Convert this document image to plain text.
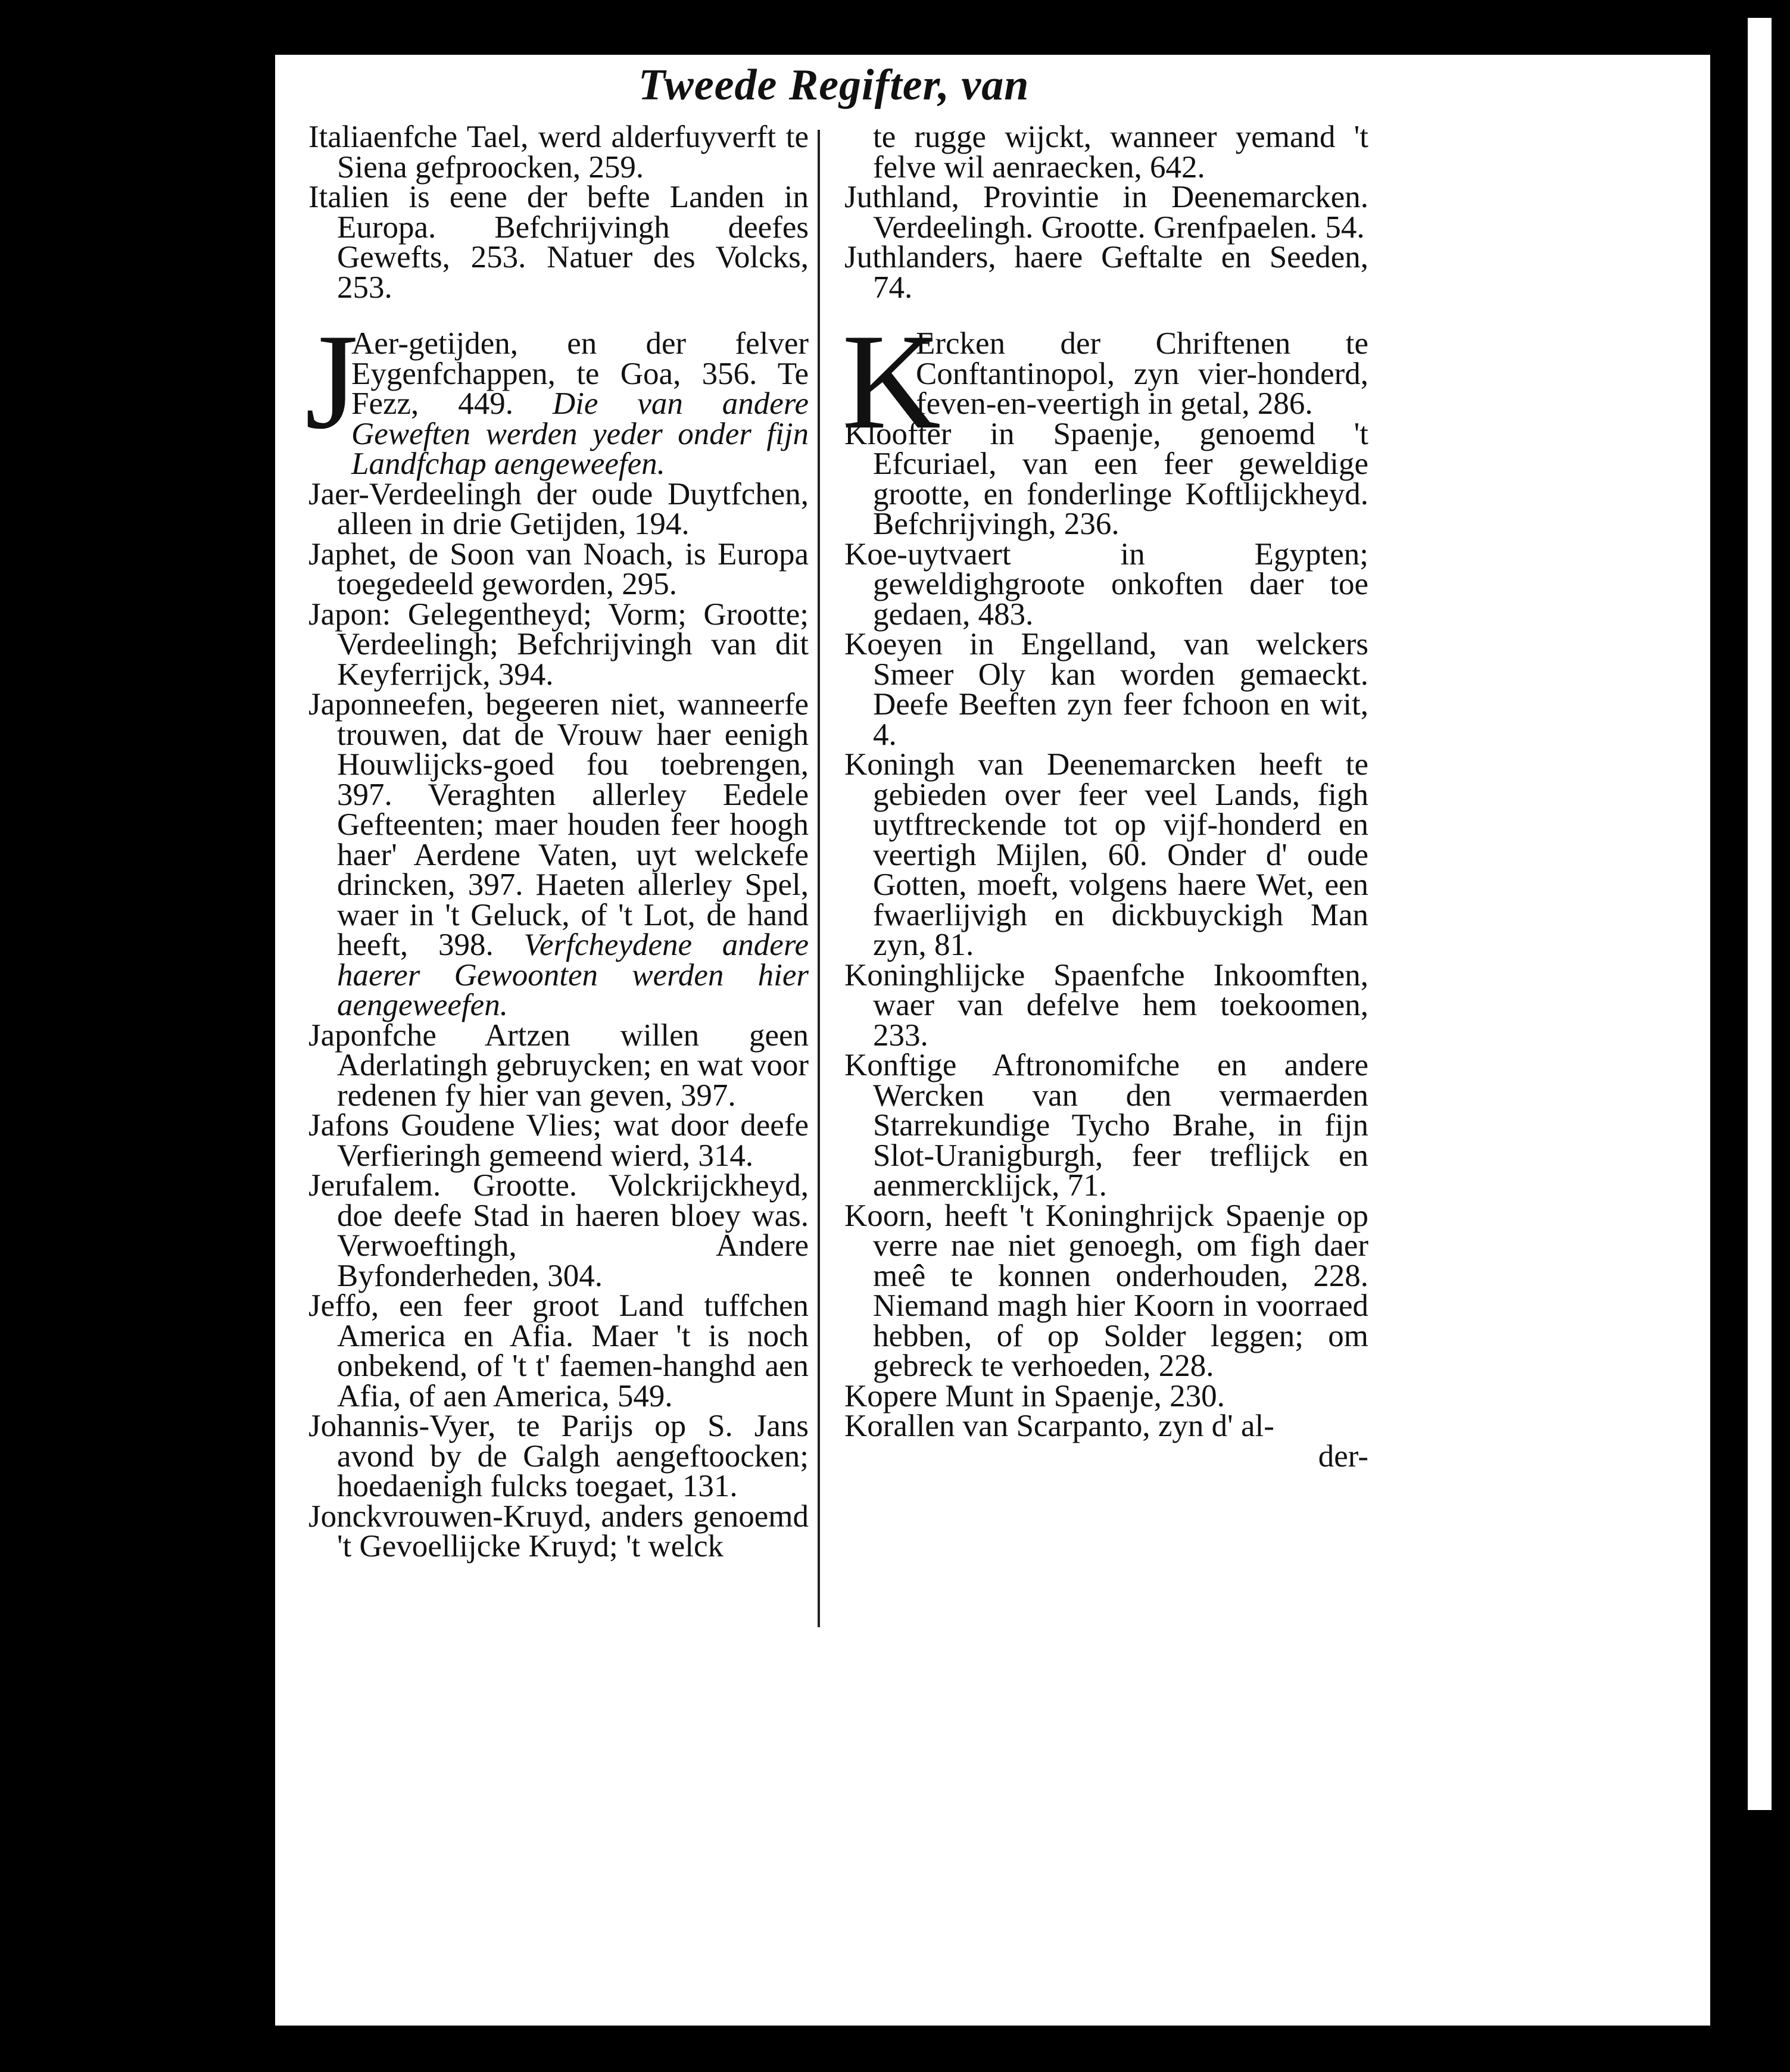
Tweede Regifter, van

Italiaenfche Tael, werd alderfuyverft te Siena gefproocken, 259.

Italien is eene der befte Landen in Europa. Befchrijvingh deefes Gewefts, 253. Natuer des Volcks, 253.

J
Aer-getijden, en der felver Eygenfchappen, te Goa, 356. Te Fezz, 449. Die van andere Geweften werden yeder onder fijn Landfchap aengeweefen.

Jaer-Verdeelingh der oude Duytfchen, alleen in drie Getijden, 194.

Japhet, de Soon van Noach, is Europa toegedeeld geworden, 295.

Japon: Gelegentheyd; Vorm; Grootte; Verdeelingh; Befchrijvingh van dit Keyferrijck, 394.

Japonneefen, begeeren niet, wanneerfe trouwen, dat de Vrouw haer eenigh Houwlijcks-goed fou toebrengen, 397. Veraghten allerley Eedele Gefteenten; maer houden feer hoogh haer' Aerdene Vaten, uyt welckefe drincken, 397. Haeten allerley Spel, waer in 't Geluck, of 't Lot, de hand heeft, 398. Verfcheydene andere haerer Gewoonten werden hier aengeweefen.

Japonfche Artzen willen geen Aderlatingh gebruycken; en wat voor redenen fy hier van geven, 397.

Jafons Goudene Vlies; wat door deefe Verfieringh gemeend wierd, 314.

Jerufalem. Grootte. Volckrijckheyd, doe deefe Stad in haeren bloey was. Verwoeftingh, Andere Byfonderheden, 304.

Jeffo, een feer groot Land tuffchen America en Afia. Maer 't is noch onbekend, of 't t' faemen-hanghd aen Afia, of aen America, 549.

Johannis-Vyer, te Parijs op S. Jans avond by de Galgh aengeftoocken; hoedaenigh fulcks toegaet, 131.

Jonckvrouwen-Kruyd, anders genoemd 't Gevoellijcke Kruyd; 't welck

te rugge wijckt, wanneer yemand 't felve wil aenraecken, 642.

Juthland, Provintie in Deenemarcken. Verdeelingh. Grootte. Grenfpaelen. 54.

Juthlanders, haere Geftalte en Seeden, 74.

K
Ercken der Chriftenen te Conftantinopol, zyn vier-honderd, feven-en-veertigh in getal, 286.

Kloofter in Spaenje, genoemd 't Efcuriael, van een feer geweldige grootte, en fonderlinge Koftlijckheyd. Befchrijvingh, 236.

Koe-uytvaert in Egypten; geweldighgroote onkoften daer toe gedaen, 483.

Koeyen in Engelland, van welckers Smeer Oly kan worden gemaeckt. Deefe Beeften zyn feer fchoon en wit, 4.

Koningh van Deenemarcken heeft te gebieden over feer veel Lands, figh uytftreckende tot op vijf-honderd en veertigh Mijlen, 60. Onder d' oude Gotten, moeft, volgens haere Wet, een fwaerlijvigh en dickbuyckigh Man zyn, 81.

Koninghlijcke Spaenfche Inkoomften, waer van defelve hem toekoomen, 233.

Konftige Aftronomifche en andere Wercken van den vermaerden Starrekundige Tycho Brahe, in fijn Slot-Uranigburgh, feer treflijck en aenmercklijck, 71.

Koorn, heeft 't Koninghrijck Spaenje op verre nae niet genoegh, om figh daer meê te konnen onderhouden, 228. Niemand magh hier Koorn in voorraed hebben, of op Solder leggen; om gebreck te verhoeden, 228.

Kopere Munt in Spaenje, 230.

Korallen van Scarpanto, zyn d' al-

der-
